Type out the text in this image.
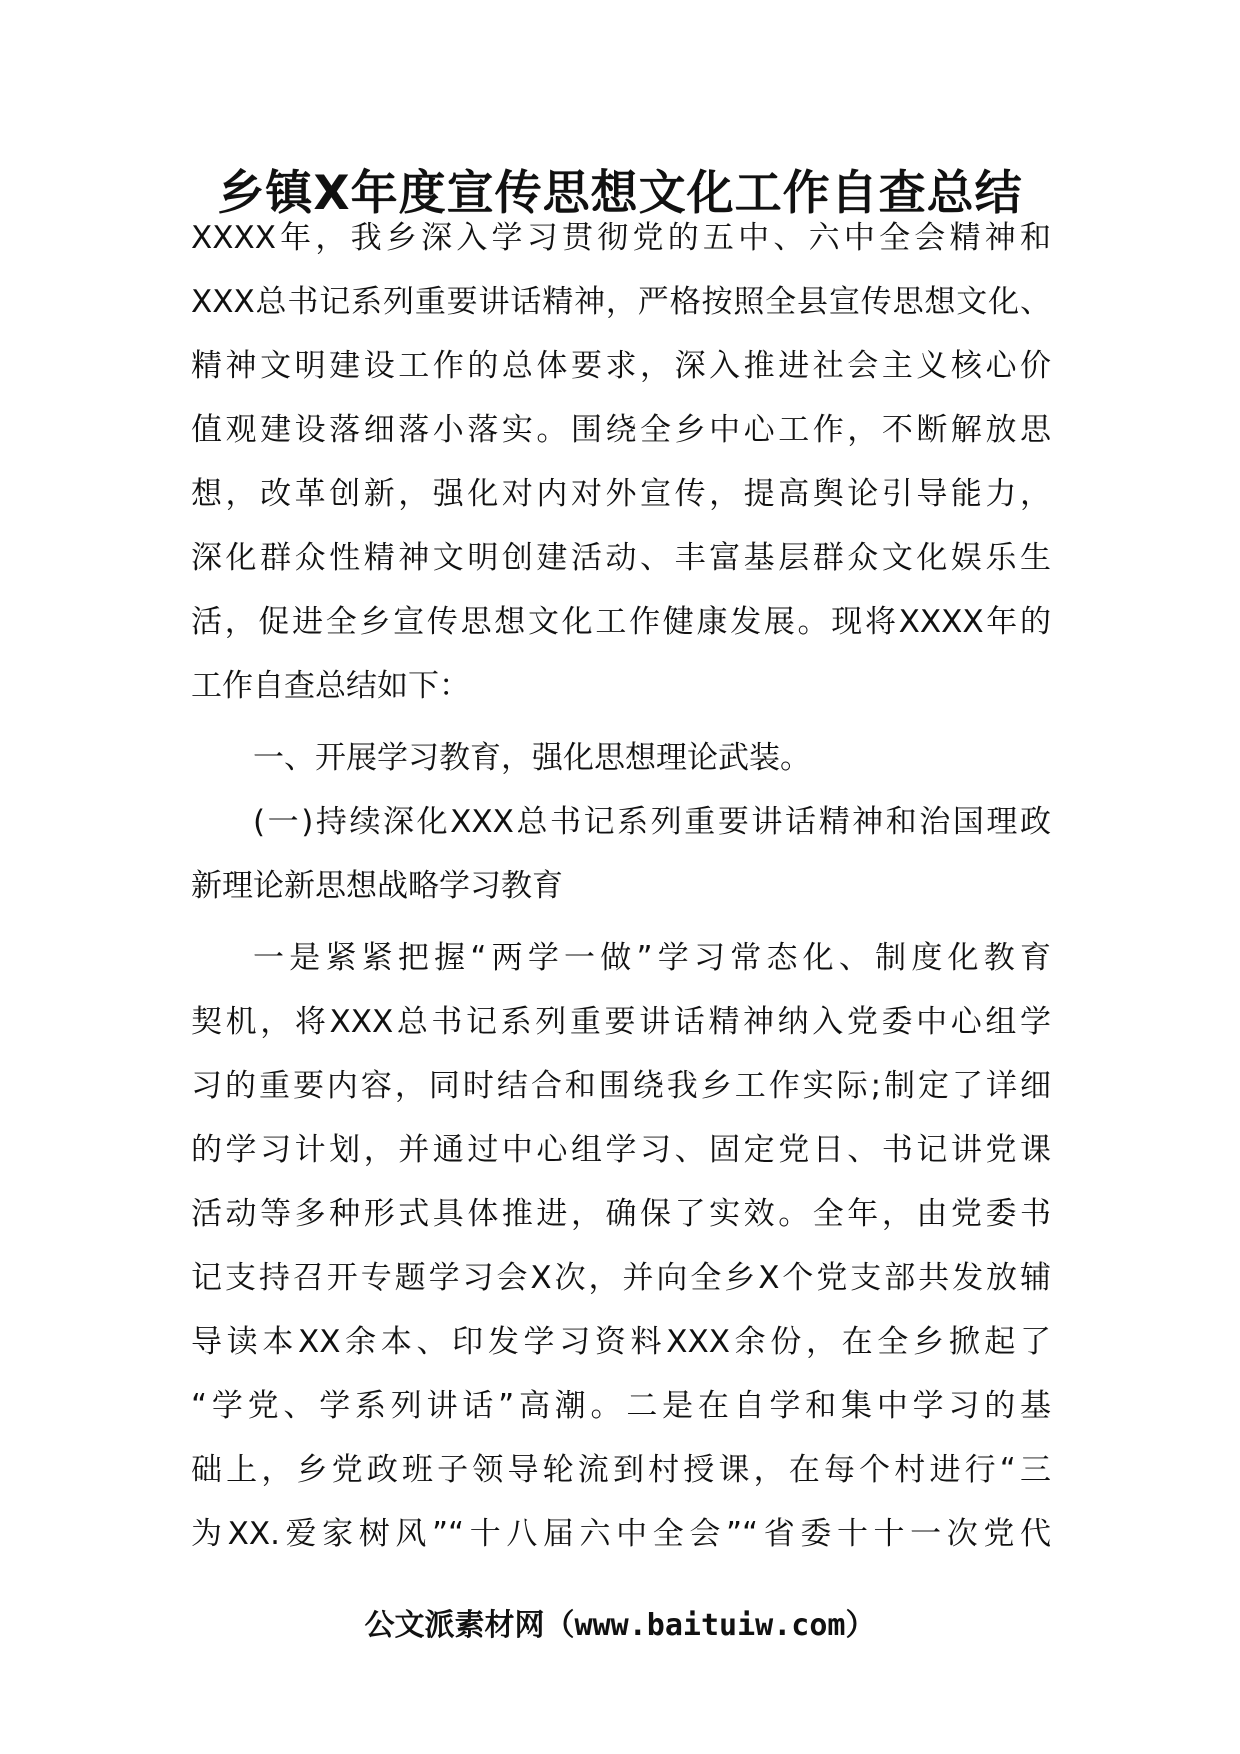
乡镇X年度宣传思想文化工作自查总结

XXXX年，我乡深入学习贯彻党的五中、六中全会精神和

XXX总书记系列重要讲话精神，严格按照全县宣传思想文化、

精神文明建设工作的总体要求，深入推进社会主义核心价

值观建设落细落小落实。围绕全乡中心工作，不断解放思

想，改革创新，强化对内对外宣传，提高舆论引导能力，

深化群众性精神文明创建活动、丰富基层群众文化娱乐生

活，促进全乡宣传思想文化工作健康发展。现将XXXX年的

工作自查总结如下：

一、开展学习教育，强化思想理论武装。

(一)持续深化XXX总书记系列重要讲话精神和治国理政

新理论新思想战略学习教育

一是紧紧把握“两学一做”学习常态化、制度化教育

契机，将XXX总书记系列重要讲话精神纳入党委中心组学

习的重要内容，同时结合和围绕我乡工作实际;制定了详细

的学习计划，并通过中心组学习、固定党日、书记讲党课

活动等多种形式具体推进，确保了实效。全年，由党委书

记支持召开专题学习会X次，并向全乡X个党支部共发放辅

导读本XX余本、印发学习资料XXX余份，在全乡掀起了

“学党、学系列讲话”高潮。二是在自学和集中学习的基

础上，乡党政班子领导轮流到村授课，在每个村进行“三

为XX.爱家树风”“十八届六中全会”“省委十十一次党代

公文派素材网（www.baituiw.com）
